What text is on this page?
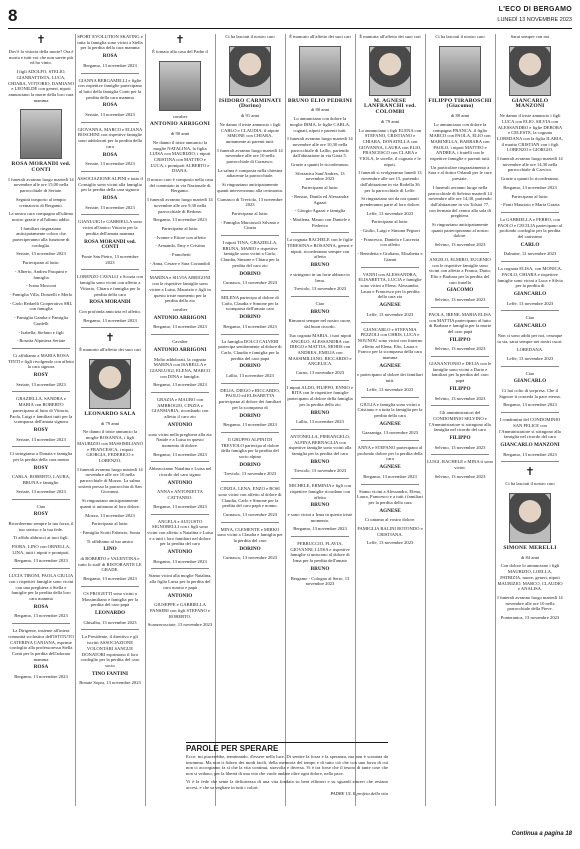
8	L'ECO DI BERGAMO
LUNEDÌ 13 NOVEMBRE 2023

✝

Dov'è la vittoria della morte? Ora è morta e tutti voi che non sarete più ed ho vinto.

I figli ADOLFO, STELIO, GIANBATTISTA, LUCA, CHIARA, VITTORIO, DAMIANO e LEONILDE con generi, nipoti annunciano la morte della loro cara mamma

ROSA MORANDI ved. CONTI

I funerali avranno luogo martedì 14 novembre alle ore 15,00 nella parrocchiale di Seriate.

Seguirà trasporto al tempio crematorio di Bergamo.

La nostra cara compagna all'ultimo nostro grazie e all'ultimo addio.

I familiari ringraziano anticipatamente coloro che parteciperanno alla funzione di cordoglio.

Seriate, 13 novembre 2023

Partecipano al lutto:

- Alberto, Andrea Pasquini e famiglia

- Ivana Mosconi

- Famiglia Villa, Donzelli e Merlo

- Carlo Redaelli Cooperativa SRL con famiglia

- Famiglia Gamba e Famiglia Gardelli

- Isabella, Stefano e figli

- Rosetta Alpiniera Seriate

Ci affidiamo a MARIA ROSA TINTI e figli rivolgendo con affetto la cara signora

ROSY

Seriate, 13 novembre 2023

GRAZIELLA, SANDRA e MARIA con ROBERTO partecipano al lutto di Vittorio, Paola, Luigi e familiari tutti per la scomparsa dell'amata signora

ROSY

Seriate, 13 novembre 2023

Ci stringiamo a Donata e famiglia per la perdita della cara nonna

ROSY

CARLA, ROBERTO, LAURA, BRUNA e famiglie.

Seriate, 13 novembre 2023

Ciao

ROSY

Ricorderemo sempre la tua forza, il tuo sorriso e la tua fede.

Ti affido abbracci ai tuoi figli.

FIORA, LINO con ORNELLA, LINA, tutti i nipoti e pronipoti.

Bergamo, 13 novembre 2023

LUCIA TIRONI, PAOLA GIULIA con i rispettivi famiglie sono vicini con una preghiera a Stella e famiglie per la perdita della loro cara mamma

ROSA

Bergamo, 13 novembre 2023

La Dirigente, insieme all'intera comunità scolastica dell'ISTITUTO CATERINA CANIANA, esprime cordoglio alla professoressa Stella Conti per la perdita dell'adorata mamma

ROSA

Bergamo, 13 novembre 2023

SPORT EVOLUTION SKATING e tutta la famiglia sono vicini a Stella per la perdita della cara mamma

ROSA

Bergamo, 13 novembre 2023

GIANNA BERGAMELLI e figlie con rispettive famiglie partecipano al lutto della famiglia Conti per la perdita della cara mamma

ROSA

Seriate, 13 novembre 2023

GIOVANNA, MARCO e ELIANA BOSCHINI con rispettive famiglie sono addolorati per la perdita della cara

ROSA

Seriate, 13 novembre 2023

ASSOCIAZIONE ALPINI e tutto il Consiglio sono vicini alla famiglia per la perdita della cara signora

ROSA

Seriate, 13 novembre 2023

GIANLUIGI e GABRIELLA sono vicini all'amico Vittorio per la perdita dell'amata mamma

ROSA MORANDI ved. CONTI

Ponte San Pietro, 13 novembre 2023

LORENZO CAVALLI e Scozia con famiglia sono vicini con affetto a Vittorio, Chiara e famiglia per la perdita della cara

ROSA MORANDI

Con profonda amicizia ed affetto.

Bergamo, 13 novembre 2023

✝

È mancato all'affetto dei suoi cari

LEONARDO SALA

di 79 anni

Ne danno il triste annuncio la moglie ROSANNA, i figli MAURIZIO con MASSIMILIANO e FRANCESCA, i nipoti GIORGIA, FEDERICO e LORENZO.

I funerali avranno luogo martedì 14 novembre alle ore 10 nella parrocchiale di Mozzo. La salma sosterà presso la parrocchia di San Giovanni.

Si ringraziano anticipatamente quanti si uniranno al loro dolore.

Mozzo, 13 novembre 2023

Partecipano al lutto:

- Famiglia Scotti Fabrizio, Sonia

Ti affidiamo al tuo amico

LINO

di ROBERTO e VALENTINA e tutto lo staff di RISTORANTE LE GRADE.

Bergamo, 13 novembre 2023

CS PROGETTI sono vicini a Massimiliano e famiglia per la perdita del caro papà

LEONARDO

Ghisalba, 13 novembre 2023

La Presidente, il direttivo e gli iscritti ASSOCIAZIONE VOLONTARI SANGUE DONATORI esprimono il loro cordoglio per la perdita del caro socio

TINO FANTINI

Bonate Sopra, 13 novembre 2023

✝

È tornato alla casa del Padre il

cavalier

ANTONIO ARRIGONI

di 90 anni

Ne danno il triste annuncio la moglie NATALINA, la figlia LUISA con MAURIZIO, i nipoti CRISTINA con MATTEO e LUCA, i pronipoti ALBERTO e DIANA.

Il nostro caro è composto nella casa del commiato in via Nazionale di Bergamo.

I funerali avranno luogo martedì 14 novembre alle ore 9,30 nella parrocchiale di Redona.

Bergamo, 13 novembre 2023

Partecipano al lutto:

- Ivonne e Ettore con affetto

- Armando, Emy e Cristina

- Franchetti

- Anna, Cesare e Sara Coriandoli

MARINA e SILVIA ARRIGONI con le rispettive famiglie sono vicine a Luisa, Maurizio e figli in questo triste momento per la perdita dello zio

cavalier

ANTONIO ARRIGONI

Bergamo, 13 novembre 2023

Cavalier

ANTONIO ARRIGONI

Molto addolorati, la cognata MARINA con ISABELLA e GIANLUIGI, ELENA, MARCO con DINA e famiglie.

Bergamo, 13 novembre 2023

GRAZIA e MAURO con AMBROGIO, CINZIA e GIANMARIA, ricordando con affetto il caro zio

ANTONIO

sono vicini nella preghiera alla zia Natale e a Luisa in questo momento di dolore.

Bergamo, 13 novembre 2023

Abbracciamo Natalina e Luisa nel ricordo del caro signor

ANTONIO

ANNA e ANTONIETTA CATTANEO.

Bergamo, 13 novembre 2023

ANGELA e AUGUSTO SIGNORELLI con i figli sono vicini con affetto a Natalina e Luisa e a tutti i loro familiari nel dolore per la perdita del caro

ANTONIO

Bergamo, 13 novembre 2023

Siamo vicini alla moglie Natalina, alla figlia Luisa per la perdita del caro marito e papà

ANTONIO

GIUSEPPE e GABRIELLA PANSERI con figli STEFANO e ROBERTO.

Scanzorosciate, 13 novembre 2023

Ci ha lasciati il nostro caro

ISIDORO CARMINATI (Dorino)

di 91 anni

Ne danno il triste annuncio i figli CARLO e CLAUDIA, il nipote SIMONE con CHIARA, unitamente ai parenti tutti.

I funerali avranno luogo martedì 14 novembre alle ore 10 nella parrocchiale di Curnasco.

La salma è composta nella chiesina adiacente la parrocchiale.

Si ringraziano anticipatamente quanti interverranno alla cerimonia.

Curnasco di Treviolo, 13 novembre 2023

Partecipano al lutto:

- Famiglia Marcassoli Silvano e Cinzia

I nipoti TINA, GRAZIELLA, BRUNA, MARIO e rispettive famiglie sono vicini a Carlo, Claudia, Simone e Chiara per la perdita del caro zio

DORINO

Curnasco, 13 novembre 2023

MILENA partecipa al dolore di Carlo, Claudia e Simone per la scomparsa dell'amato caro

DORINO

Bergamo, 13 novembre 2023

La famiglia DOLCI CALVERI partecipa sentitamente al dolore di Carlo, Claudia e famiglia per la perdita del caro papà

DORINO

Lallio, 13 novembre 2023

DELIA, DIEGO e RICCARDO, PAOLO ed ELISABETTA partecipano al dolore dei familiari per la scomparsa di

DORINO

Bergamo, 13 novembre 2023

Il GRUPPO ALPINI DI TREVIOLO partecipa al dolore della famiglia per la perdita del socio alpino

DORINO

Treviolo, 13 novembre 2023

CINZIA, LENA, ENZO e ROSI sono vicini con affetto al dolore di Claudia, Carlo e Simone per la perdita del caro papà e nonno.

Curnasco, 13 novembre 2023

MINA, CLEMENTE e MIRKO sono vicini a Claudia e famiglia per la perdita del caro

DORINO

Curnasco, 13 novembre 2023

È mancato all'affetto dei suoi cari

BRUNO ELIO PEDRINI

di 80 anni

Lo annunciano con dolore la moglie IRMA, le figlie CARLA, cognati, nipoti e parenti tutti.

I funerali avranno luogo martedì 14 novembre alle ore 10,30 nella parrocchiale di Lallio, partendo dall'abitazione in via Gioia 5.

Grazie a quanti le ricorderanno.

Sforzatica Sant'Andrea, 13 novembre 2023

Partecipano al lutto:

- Renato, Danila ed Alessandra Agazzi

- Giorgio Agazzi e famiglia

- Marilena, Mauro con Daniele e Federico

La cognata RACHELE con le figlie TERESINA e ROSANNA, generi e nipoti, ricorderanno sempre con affetto

BRUNO

e stringono in un forte abbraccio Irma.

Treviolo, 13 novembre 2023

Ciao

BRUNO

Rimarrai sempre nel nostro cuore, dal buon ricordo.

Tua cognata MARIA, i tuoi nipoti ANGELO, ALESSANDRA con DIEGO e MATTIA, MORIS con ANDREA, EMILIA con MASSIMILIANO, RICCARDO e ANGELICA.

Curno, 13 novembre 2023

I nipoti ALDO, FILIPPO, ENNIO e RITA con le rispettive famiglie partecipano al dolore della famiglia per la perdita dello zio

BRUNO

Lallio, 13 novembre 2023

ANTONELLA, PIERANGELO, ALFINA BERNAGLIA con rispettive famiglie sono vicini alla famiglia per la perdita del caro

BRUNO

Treviolo, 13 novembre 2023

MICHELE, ERMINIA e figli con rispettive famiglie ricordano con affetto

BRUNO

e sono vicini a Irma in questo triste momento.

Bergamo, 13 novembre 2023

FERRUCCIO, FLAVIA, GIOVANNI, LUISA e rispettive famiglie si uniscono al dolore di Irma per la perdita dell'amato

BRUNO

Bergamo - Cologno al Serio, 13 novembre 2023

È mancata all'affetto dei suoi cari

M. AGNESE LANFRANCHI ved. COLOMBI

di 79 anni

Lo annunciano i figli ELENA con STEFANO, CRISTIANO e CHIARA, DONATELLA con GIOVANNA, LAURA con ELIO, FRANCESCO con CLARA e VIOLA, le sorelle, il cognato e le nipoti.

I funerali si svolgeranno lunedì 13 novembre alle ore 15, partendo dall'abitazione in via Rodella 36 per la parrocchiale di Leffe.

Si ringraziano sin da ora quanti prenderanno parte al loro dolore.

Leffe, 13 novembre 2023

Partecipano al lutto:

- Giulio, Luigi e Simona Pegurri

- Francesco, Daniela e Lucrezia con affetto

- Benedetta e Giuliano, Elisabetta e Gianni

VANNI con ALESSANDRA, ELISABETTA, LUCIA e famiglie sono vicini a Elena, Alessandro, Laura e Francesco per la perdita della cara zia

AGNESE

Leffe, 13 novembre 2023

GIANCARLO e STEFANIA PEZZOLI con CHRIS, LUCA e NOUNOU sono vicini con fraterno affetto ad Elena, Elio, Laura e Franco per la scomparsa della cara mamma

AGNESE

e partecipano al dolore dei familiari tutti.

Leffe, 13 novembre 2023

GIULIA e famiglia sono vicini a Cristiano e a tutta la famiglia per la perdita della cara

AGNESE

Gazzaniga, 13 novembre 2023

ANNA e STEFANO partecipano al profondo dolore per la perdita della cara

AGNESE

Bergamo, 13 novembre 2023

Siamo vicini a Alessandro, Elena, Laura, Francesco e a tutti i familiari per la perdita della cara

AGNESE

Ci uniamo al vostro dolore.

FAMIGLIA BALINI ROTONDO e CRISTIANA.

Leffe, 13 novembre 2023

Ci ha lasciati il nostro caro

FILIPPO TIRABOSCHI (Giacomo)

di 80 anni

Lo annunciano con dolore la compagna FRANCA, il figlio MARCO con PAOLA, ELIO con MARINELLA, BARBARA con PAOLO, i nipoti MATTEO e ANDREA, i fratelli con le rispettive famiglie e parenti tutti.

Un particolare ringraziamento a Sara e al dottor Orlandi per le cure prestate.

I funerali avranno luogo nella parrocchiale di Selvino martedì 14 novembre alle ore 14,30, partendo dall'abitazione in via Tolstoi 77, con fermata del centro alla sala di preghiera.

Si ringraziano anticipatamente quanti parteciperanno al nostro dolore.

Selvino, 13 novembre 2023

ANGELO, ELMIRO, EUGENIO con le rispettive famiglie sono vicini con affetto a Franca, Dario, Elio e Barbara per la perdita del caro fratello

GIACOMO

Selvino, 13 novembre 2023

PAOLA, IRENE, MARIA ELISA con MATTIA partecipano al lutto di Barbara e famiglia per la morte del caro papà

FILIPPO

Selvino, 13 novembre 2023

GIANANTONIO e DELIA con le famiglie sono vicini a Dario e familiari per la perdita del caro papà

FILIPPO

Selvino, 13 novembre 2023

Gli amministratori del CONDOMINIO SELVINO e l'Amministratore si stringono alla famiglia nel ricordo del caro

FILIPPO

Selvino, 13 novembre 2023

LUIGI, RACHELE e MINA ti sono vicini.

Selvino, 13 novembre 2023

Sarai sempre con noi

GIANCARLO MANZONI

Ne danno il triste annuncio i figli LUCA con ELIO, SILVIA con ALESSANDRO e figlie DEBORA e CELESTE, la cognata LOREDANA con la figlia ILARIA, il marito CRISTIAN con i figli LORENZO e GIORGIO.

I funerali avranno luogo martedì 14 novembre alle ore 14,30 nella parrocchiale di Carvico.

Grazie a quanti lo ricorderanno.

Bergamo, 13 novembre 2023

Partecipano al lutto:

- Fonti Maurizio e Maria Grazia

La GABRIELLA e FERRO, con PAOLO e CECILIA partecipano al profondo cordoglio per la perdita del carissimo

CARLO

Dalmine, 12 novembre 2023

La cognata ELISA, con MONICA, PAOLO, CHIARA e rispettive famiglie sono vicini a Luca e Silvia per la perdita di

GIANCARLO

Leffe, 13 novembre 2023

Ciao

GIANCARLO

Non ci sono addii per noi, ovunque tu sia, sarai sempre nei nostri cuori.

LOREDANA.

Leffe, 13 novembre 2023

Ciao

GIANCARLO

Ci hai colto di sorpresa. Che il Signore ti conceda la pace eterna.

Bergamo, 13 novembre 2023

I condomini del CONDOMINIO SAN FELICE con l'Amministratore si stringono alla famiglia nel ricordo del caro

GIANCARLO MANZONI

Bergamo, 13 novembre 2023

✝

Ci ha lasciati il nostro caro

SIMONE MERELLI

di 84 anni

Con dolore lo annunciano i figli MAURIZIO, LOELLA, PATRIZIA, nuore, generi, nipoti MAURIZIO, MARCO, CLAUDIO e ANALISA.

I funerali avranno luogo martedì 14 novembre alle ore 10 nella parrocchiale della Pieve.

Ponteranica, 13 novembre 2023

PAROLE PER SPERARE
Ecco: mi piacerebbe, terminando, d'essere nella luce. Di sentire la forza e la speranza, ma non è scontata da insomma. Ma non ti fidavo dei modi facili, della memoria del tempo e di tutto ciò che con una forza di cui non ci accorgiamo fa sì che la vita continui, stravolta e diversa. Vi è tra forse che il tesoro di tante cose che non si vedono, per la libertà di una vita che vuole andare oltre ogni dolore, nella pace.
Vi è la fede che sente la delicatezza di una vita fondata su beni effimeri e su sguardi sinceri che restano accesi, e che sa vegliare in tutti i colori.
PADRE UL Il profeta della vita
Continua a pagina 18
